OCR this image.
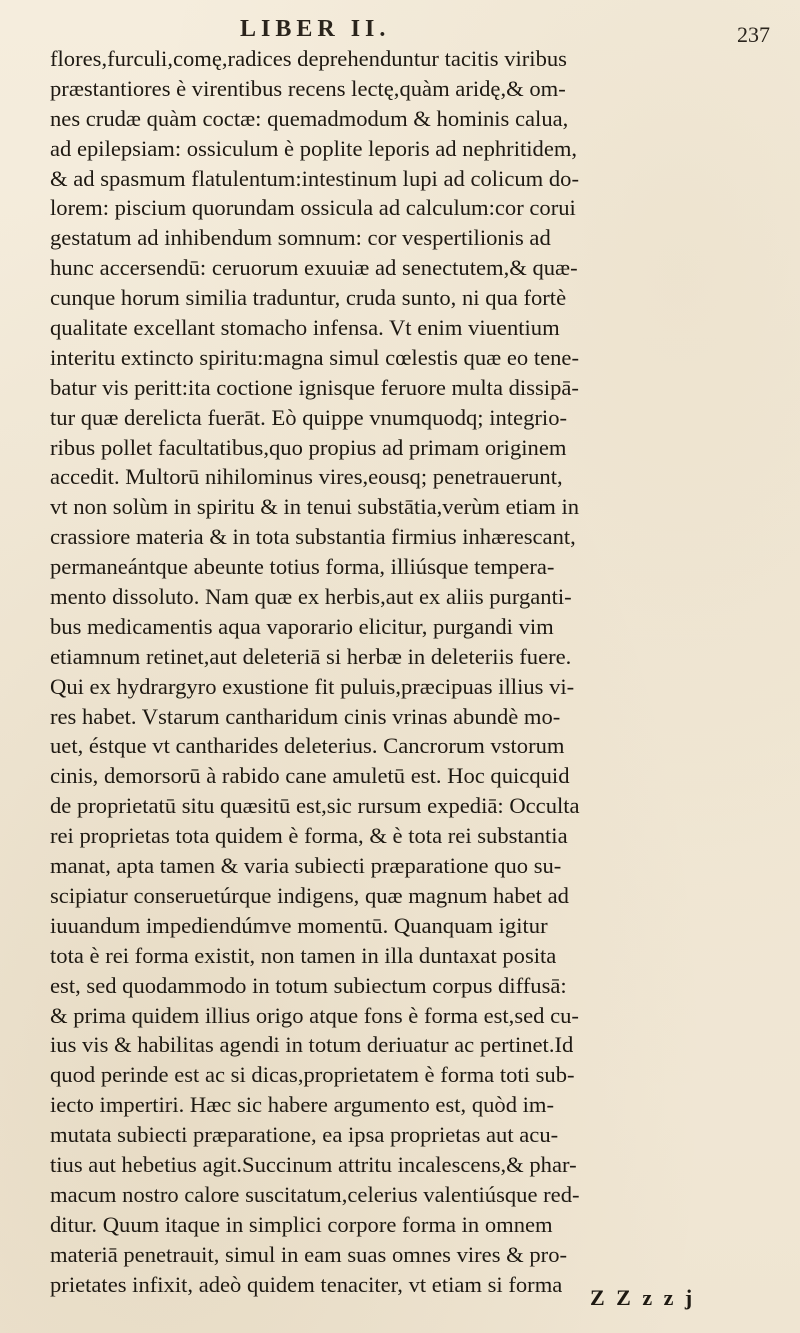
LIBER II.	237
flores,furculi,comę,radices deprehenduntur tacitis viribus
præstantiores è virentibus recens lectę,quàm aridę,& om-
nes crudæ quàm coctæ: quemadmodum & hominis calua,
ad epilepsiam: ossiculum è poplite leporis ad nephritidem,
& ad spasmum flatulentum:intestinum lupi ad colicum do-
lorem: piscium quorundam ossicula ad calculum:cor corui
gestatum ad inhibendum somnum: cor vespertilionis ad
hunc accersendū: ceruorum exuuiæ ad senectutem,& quæ-
cunque horum similia traduntur, cruda sunto, ni qua fortè
qualitate excellant stomacho infensa. Vt enim viuentium
interitu extincto spiritu:magna simul cœlestis quæ eo tene-
batur vis peritt:ita coctione ignisque feruore multa dissipā-
tur quæ derelicta fuerāt. Eò quippe vnumquodq; integrio-
ribus pollet facultatibus,quo propius ad primam originem
accedit. Multorū nihilominus vires,eousq; penetrauerunt,
vt non solùm in spiritu & in tenui substātia,verùm etiam in
crassiore materia & in tota substantia firmius inhærescant,
permaneántque abeunte totius forma, illiúsque tempera-
mento dissoluto. Nam quæ ex herbis,aut ex aliis purganti-
bus medicamentis aqua vaporario elicitur, purgandi vim
etiamnum retinet,aut deleteriā si herbæ in deleteriis fuere.
Qui ex hydrargyro exustione fit puluis,præcipuas illius vi-
res habet. Vstarum cantharidum cinis vrinas abundè mo-
uet, éstque vt cantharides deleterius. Cancrorum vstorum
cinis, demorsorū à rabido cane amuletū est. Hoc quicquid
de proprietatū situ quæsitū est,sic rursum expediā: Occulta
rei proprietas tota quidem è forma, & è tota rei substantia
manat, apta tamen & varia subiecti præparatione quo su-
scipiatur conseruetúrque indigens, quæ magnum habet ad
iuuandum impediendúmve momentū. Quanquam igitur
tota è rei forma existit, non tamen in illa duntaxat posita
est, sed quodammodo in totum subiectum corpus diffusā:
& prima quidem illius origo atque fons è forma est,sed cu-
ius vis & habilitas agendi in totum deriuatur ac pertinet.Id
quod perinde est ac si dicas,proprietatem è forma toti sub-
iecto impertiri. Hæc sic habere argumento est, quòd im-
mutata subiecti præparatione, ea ipsa proprietas aut acu-
tius aut hebetius agit.Succinum attritu incalescens,& phar-
macum nostro calore suscitatum,celerius valentiúsque red-
ditur. Quum itaque in simplici corpore forma in omnem
materiā penetrauit, simul in eam suas omnes vires & pro-
prietates infixit, adeò quidem tenaciter, vt etiam si forma
Z Z z z j
